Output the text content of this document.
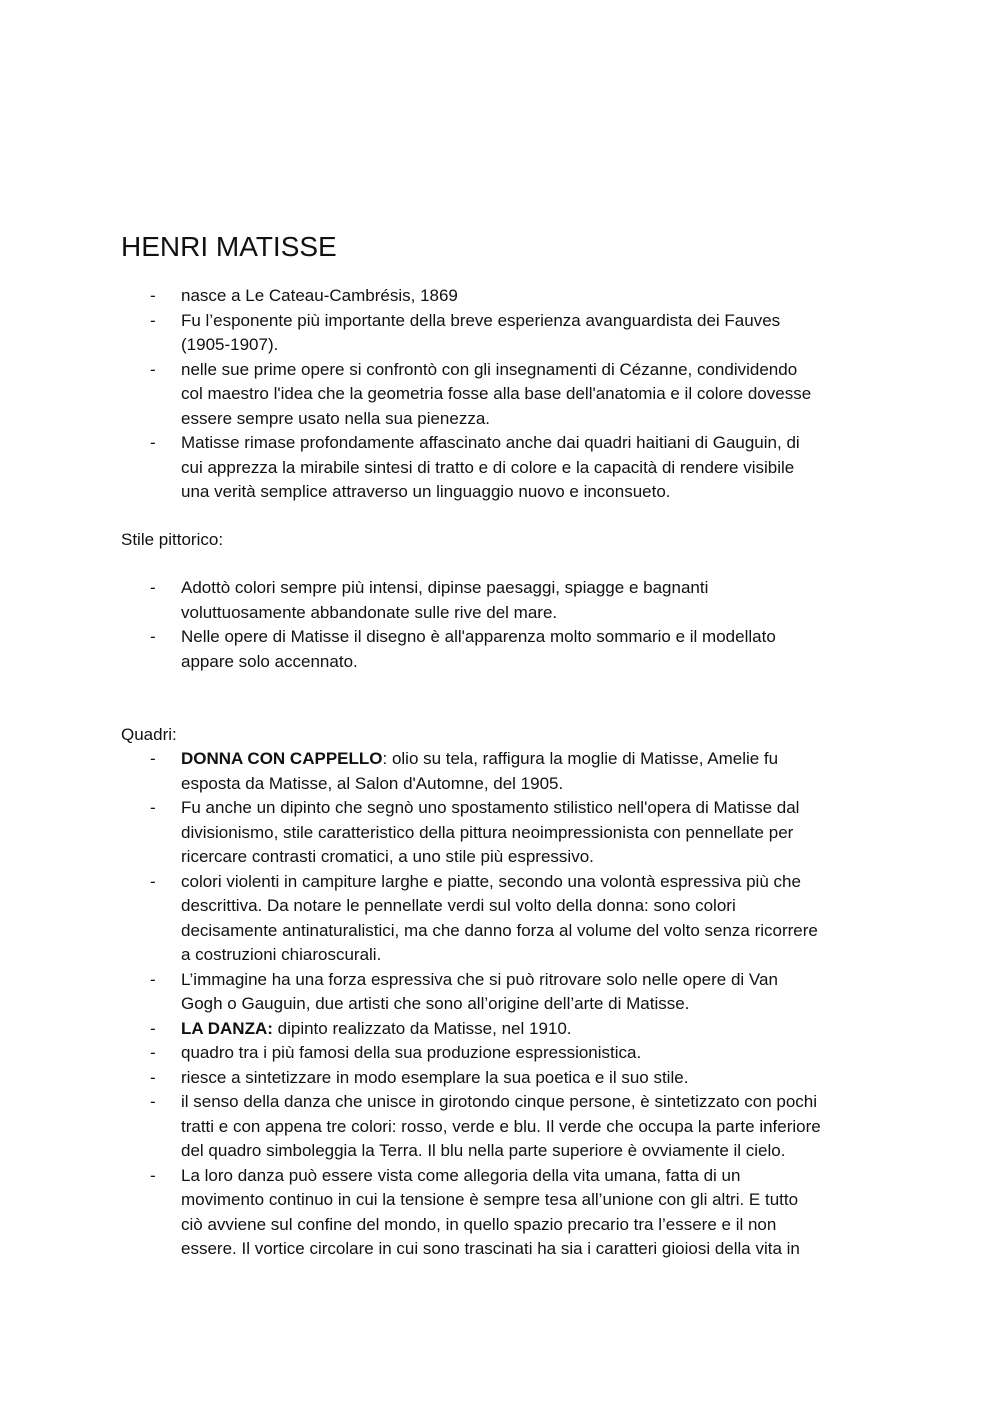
HENRI MATISSE
- nasce a Le Cateau-Cambrésis, 1869
- Fu l’esponente più importante della breve esperienza avanguardista dei Fauves
(1905-1907).
- nelle sue prime opere si confrontò con gli insegnamenti di Cézanne, condividendo
col maestro l'idea che la geometria fosse alla base dell'anatomia e il colore dovesse
essere sempre usato nella sua pienezza.
- Matisse rimase profondamente affascinato anche dai quadri haitiani di Gauguin, di
cui apprezza la mirabile sintesi di tratto e di colore e la capacità di rendere visibile
una verità semplice attraverso un linguaggio nuovo e inconsueto.

Stile pittorico:

- Adottò colori sempre più intensi, dipinse paesaggi, spiagge e bagnanti
voluttuosamente abbandonate sulle rive del mare.
- Nelle opere di Matisse il disegno è all'apparenza molto sommario e il modellato
appare solo accennato.

Quadri:

- DONNA CON CAPPELLO: olio su tela, raffigura la moglie di Matisse, Amelie fu
esposta da Matisse, al Salon d'Automne, del 1905.
- Fu anche un dipinto che segnò uno spostamento stilistico nell'opera di Matisse dal
divisionismo, stile caratteristico della pittura neoimpressionista con pennellate per
ricercare contrasti cromatici, a uno stile più espressivo.
- colori violenti in campiture larghe e piatte, secondo una volontà espressiva più che
descrittiva. Da notare le pennellate verdi sul volto della donna: sono colori
decisamente antinaturalistici, ma che danno forza al volume del volto senza ricorrere
a costruzioni chiaroscurali.
- L’immagine ha una forza espressiva che si può ritrovare solo nelle opere di Van
Gogh o Gauguin, due artisti che sono all’origine dell’arte di Matisse.
- LA DANZA: dipinto realizzato da Matisse, nel 1910.
- quadro tra i più famosi della sua produzione espressionistica.
- riesce a sintetizzare in modo esemplare la sua poetica e il suo stile.
- il senso della danza che unisce in girotondo cinque persone, è sintetizzato con pochi
tratti e con appena tre colori: rosso, verde e blu. Il verde che occupa la parte inferiore
del quadro simboleggia la Terra. Il blu nella parte superiore è ovviamente il cielo.
- La loro danza può essere vista come allegoria della vita umana, fatta di un
movimento continuo in cui la tensione è sempre tesa all’unione con gli altri. E tutto
ciò avviene sul confine del mondo, in quello spazio precario tra l’essere e il non
essere. Il vortice circolare in cui sono trascinati ha sia i caratteri gioiosi della vita in
